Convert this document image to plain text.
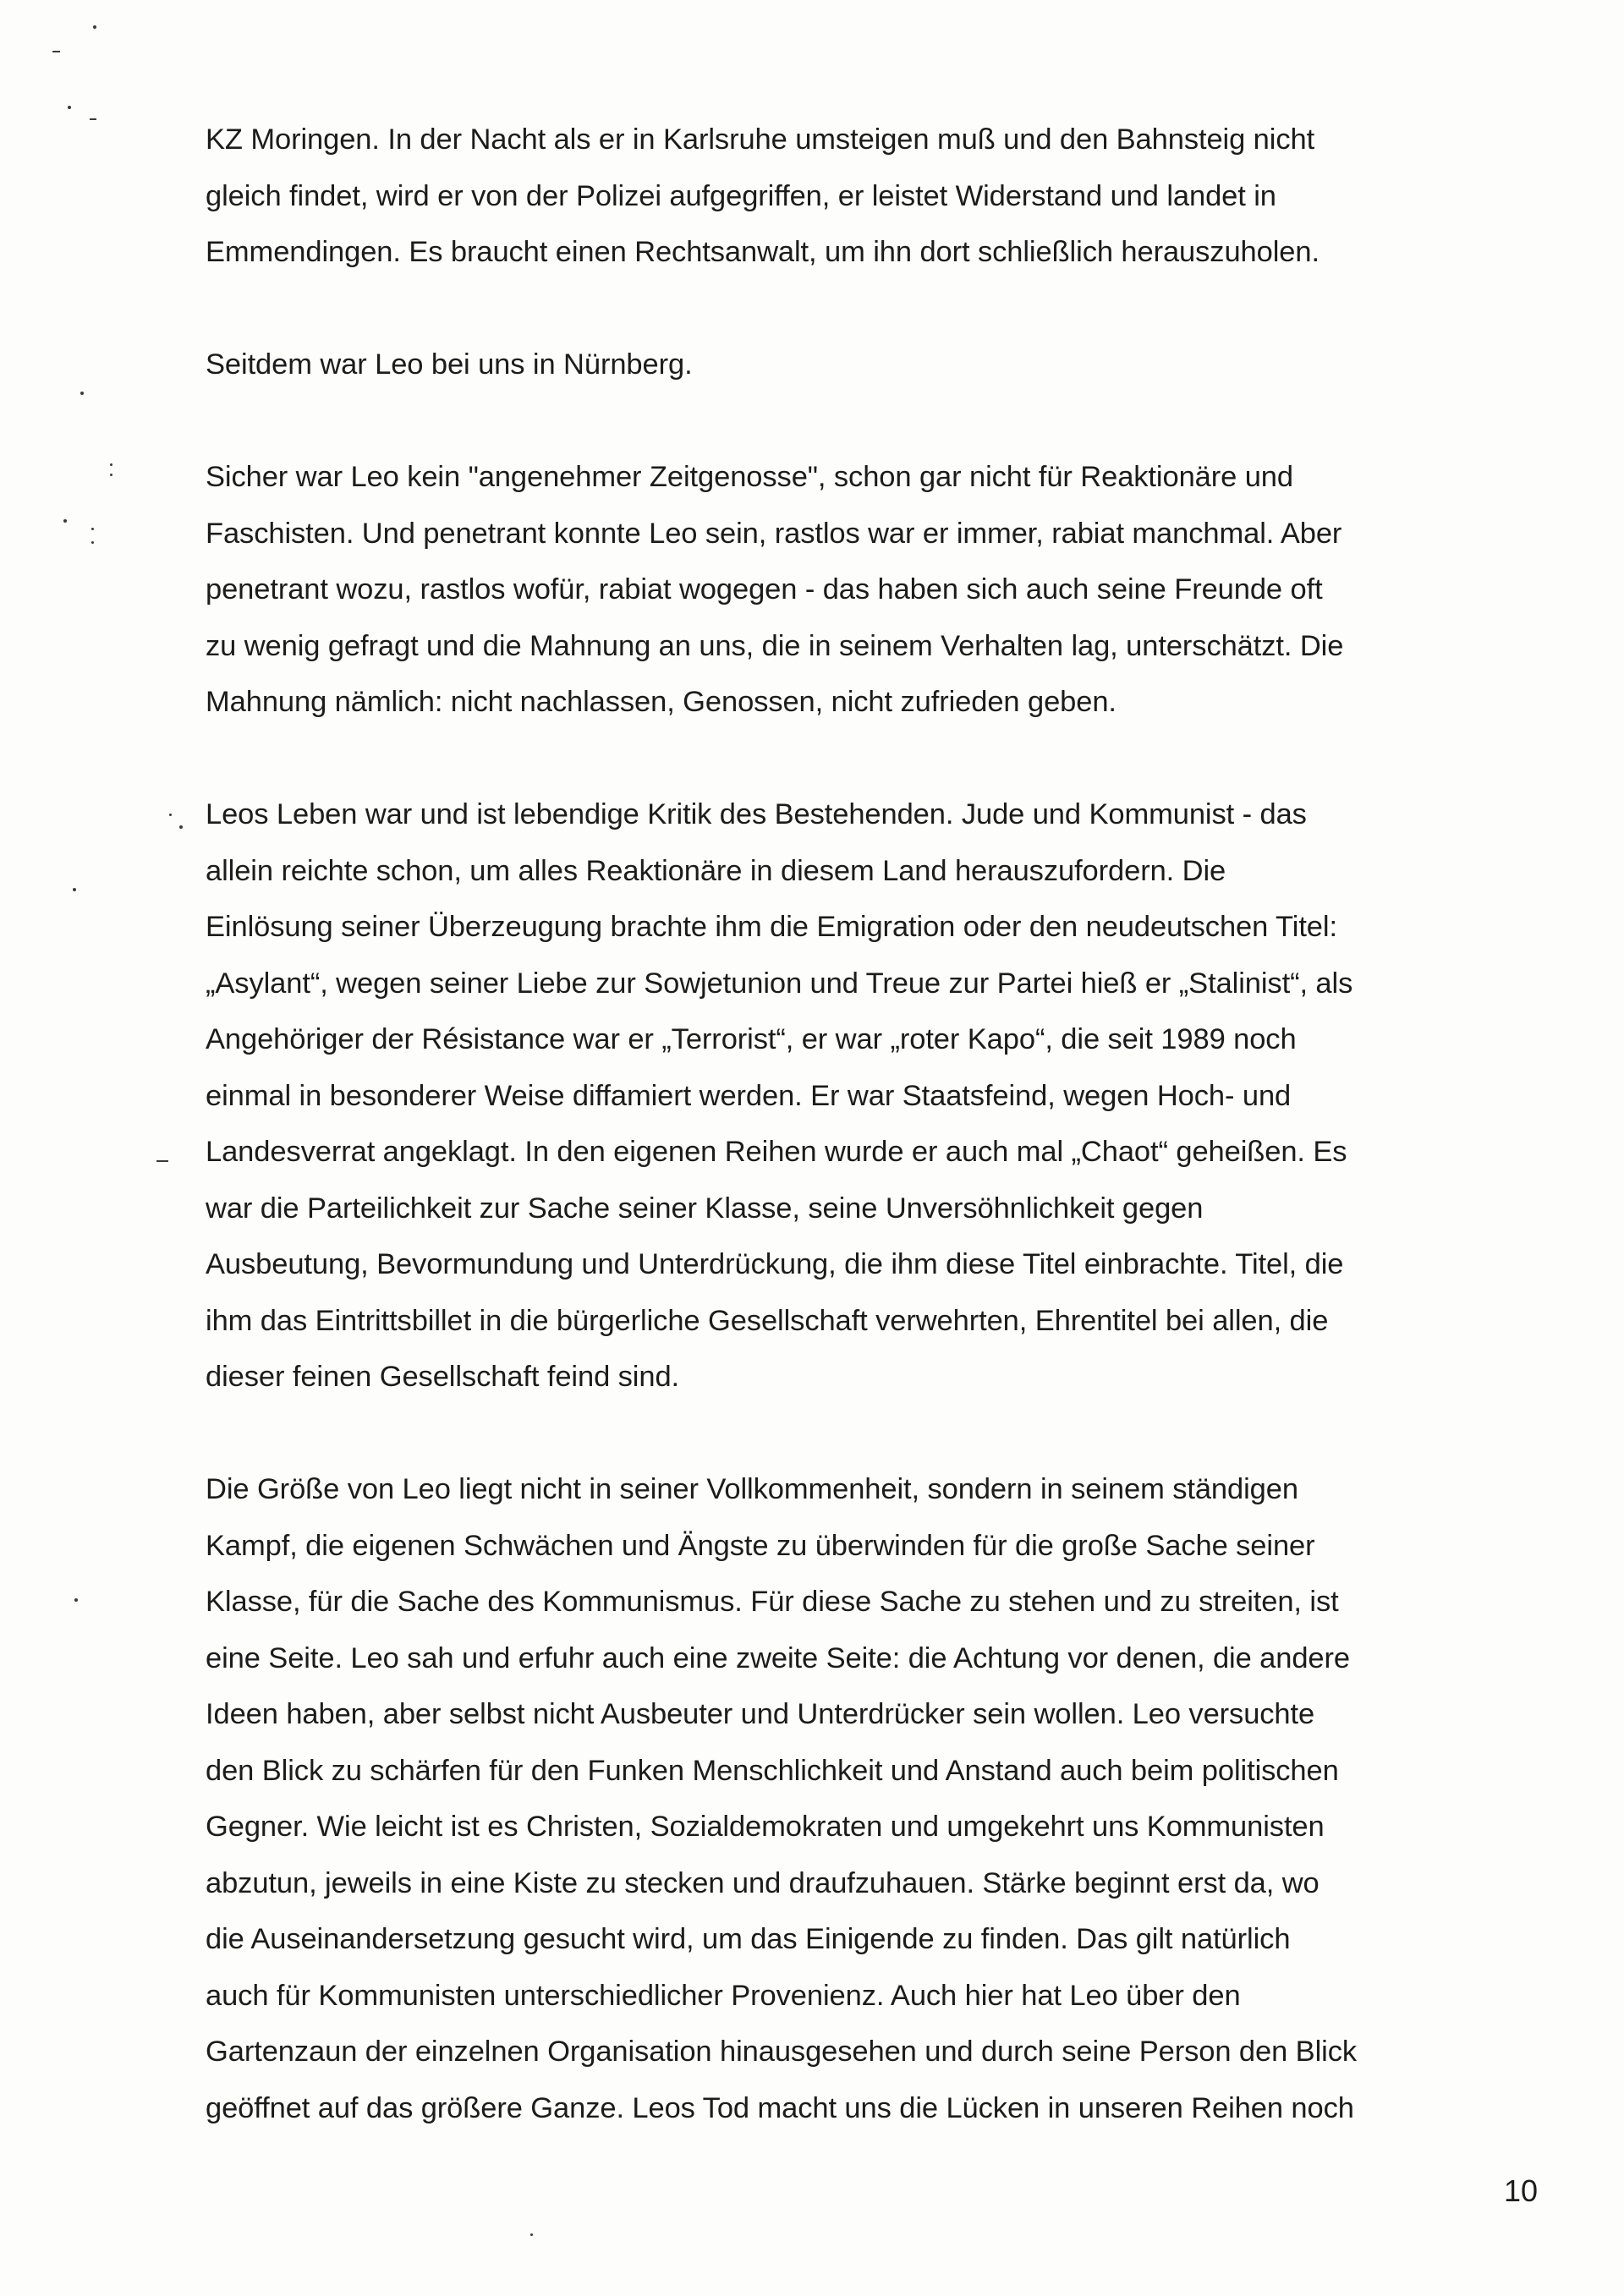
KZ Moringen. In der Nacht als er in Karlsruhe umsteigen muß und den Bahnsteig nicht
gleich findet, wird er von der Polizei aufgegriffen, er leistet Widerstand und landet in
Emmendingen. Es braucht einen Rechtsanwalt, um ihn dort schließlich herauszuholen.

Seitdem war Leo bei uns in Nürnberg.

Sicher war Leo kein "angenehmer Zeitgenosse", schon gar nicht für Reaktionäre und
Faschisten. Und penetrant konnte Leo sein, rastlos war er immer, rabiat manchmal. Aber
penetrant wozu, rastlos wofür, rabiat wogegen - das haben sich auch seine Freunde oft
zu wenig gefragt und die Mahnung an uns, die in seinem Verhalten lag, unterschätzt. Die
Mahnung nämlich: nicht nachlassen, Genossen, nicht zufrieden geben.

Leos Leben war und ist lebendige Kritik des Bestehenden. Jude und Kommunist - das
allein reichte schon, um alles Reaktionäre in diesem Land herauszufordern. Die
Einlösung seiner Überzeugung brachte ihm die Emigration oder den neudeutschen Titel:
„Asylant“, wegen seiner Liebe zur Sowjetunion und Treue zur Partei hieß er „Stalinist“, als
Angehöriger der Résistance war er „Terrorist“, er war „roter Kapo“, die seit 1989 noch
einmal in besonderer Weise diffamiert werden. Er war Staatsfeind, wegen Hoch- und
Landesverrat angeklagt. In den eigenen Reihen wurde er auch mal „Chaot“ geheißen. Es
war die Parteilichkeit zur Sache seiner Klasse, seine Unversöhnlichkeit gegen
Ausbeutung, Bevormundung und Unterdrückung, die ihm diese Titel einbrachte. Titel, die
ihm das Eintrittsbillet in die bürgerliche Gesellschaft verwehrten, Ehrentitel bei allen, die
dieser feinen Gesellschaft feind sind.

Die Größe von Leo liegt nicht in seiner Vollkommenheit, sondern in seinem ständigen
Kampf, die eigenen Schwächen und Ängste zu überwinden für die große Sache seiner
Klasse, für die Sache des Kommunismus. Für diese Sache zu stehen und zu streiten, ist
eine Seite. Leo sah und erfuhr auch eine zweite Seite: die Achtung vor denen, die andere
Ideen haben, aber selbst nicht Ausbeuter und Unterdrücker sein wollen. Leo versuchte
den Blick zu schärfen für den Funken Menschlichkeit und Anstand auch beim politischen
Gegner. Wie leicht ist es Christen, Sozialdemokraten und umgekehrt uns Kommunisten
abzutun, jeweils in eine Kiste zu stecken und draufzuhauen. Stärke beginnt erst da, wo
die Auseinandersetzung gesucht wird, um das Einigende zu finden. Das gilt natürlich
auch für Kommunisten unterschiedlicher Provenienz. Auch hier hat Leo über den
Gartenzaun der einzelnen Organisation hinausgesehen und durch seine Person den Blick
geöffnet auf das größere Ganze. Leos Tod macht uns die Lücken in unseren Reihen noch

10
